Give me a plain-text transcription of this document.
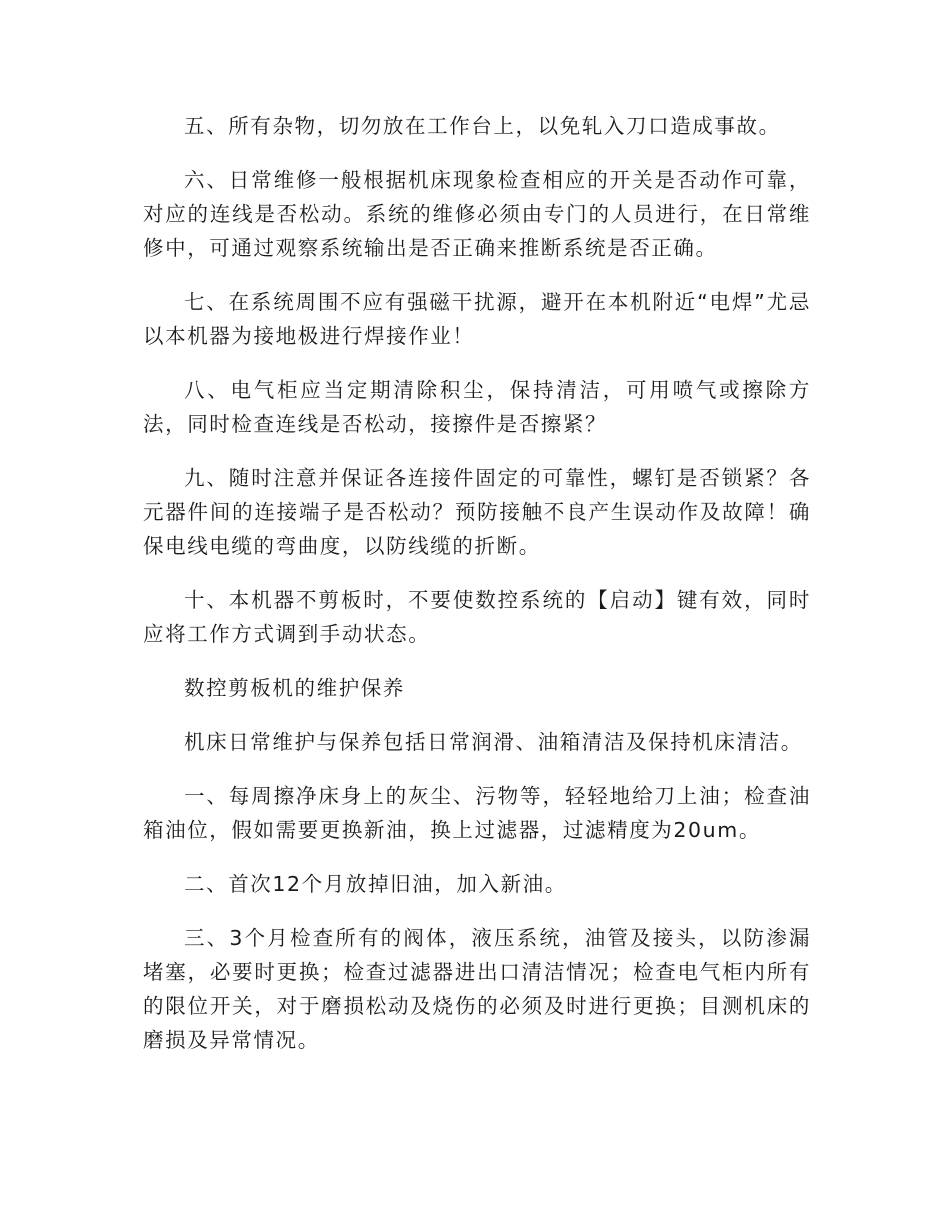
五、所有杂物，切勿放在工作台上，以免轧入刀口造成事故。

六、日常维修一般根据机床现象检查相应的开关是否动作可靠，对应的连线是否松动。系统的维修必须由专门的人员进行，在日常维修中，可通过观察系统输出是否正确来推断系统是否正确。

七、在系统周围不应有强磁干扰源，避开在本机附近“电焊”尤忌以本机器为接地极进行焊接作业！

八、电气柜应当定期清除积尘，保持清洁，可用喷气或擦除方法，同时检查连线是否松动，接擦件是否擦紧？

九、随时注意并保证各连接件固定的可靠性，螺钉是否锁紧？各元器件间的连接端子是否松动？预防接触不良产生误动作及故障！确保电线电缆的弯曲度，以防线缆的折断。

十、本机器不剪板时，不要使数控系统的【启动】键有效，同时应将工作方式调到手动状态。

数控剪板机的维护保养

机床日常维护与保养包括日常润滑、油箱清洁及保持机床清洁。

一、每周擦净床身上的灰尘、污物等，轻轻地给刀上油；检查油箱油位，假如需要更换新油，换上过滤器，过滤精度为20um。

二、首次12个月放掉旧油，加入新油。

三、3个月检查所有的阀体，液压系统，油管及接头，以防渗漏堵塞，必要时更换；检查过滤器进出口清洁情况；检查电气柜内所有的限位开关，对于磨损松动及烧伤的必须及时进行更换；目测机床的磨损及异常情况。
